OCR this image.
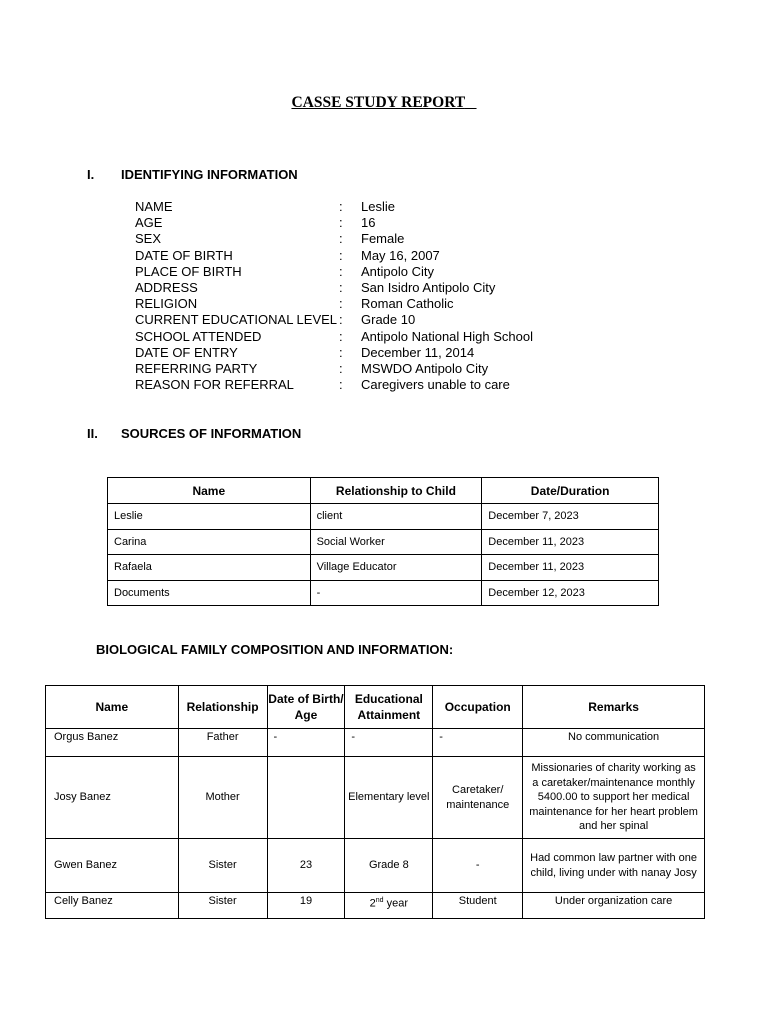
CASSE STUDY REPORT
I. IDENTIFYING INFORMATION
NAME	: Leslie
AGE	: 16
SEX	: Female
DATE OF BIRTH	: May 16, 2007
PLACE OF BIRTH	: Antipolo City
ADDRESS	: San Isidro Antipolo City
RELIGION	: Roman Catholic
CURRENT EDUCATIONAL LEVEL : Grade 10
SCHOOL ATTENDED	: Antipolo National High School
DATE OF ENTRY	: December 11, 2014
REFERRING PARTY	: MSWDO Antipolo City
REASON FOR REFERRAL	: Caregivers unable to care
II. SOURCES OF INFORMATION
Name	Relationship to Child	Date/Duration
Leslie	client	December 7, 2023
Carina	Social Worker	December 11, 2023
Rafaela	Village Educator	December 11, 2023
Documents	-	December 12, 2023
BIOLOGICAL FAMILY COMPOSITION AND INFORMATION:
Name	Relationship	Date of Birth/ Age	Educational Attainment	Occupation	Remarks
Orgus Banez	Father	-	-	-	No communication
Josy Banez	Mother		Elementary level	Caretaker/ maintenance	Missionaries of charity working as a caretaker/maintenance monthly 5400.00 to support her medical maintenance for her heart problem and her spinal
Gwen Banez	Sister	23	Grade 8	-	Had common law partner with one child, living under with nanay Josy
Celly Banez	Sister	19	2nd year	Student	Under organization care
